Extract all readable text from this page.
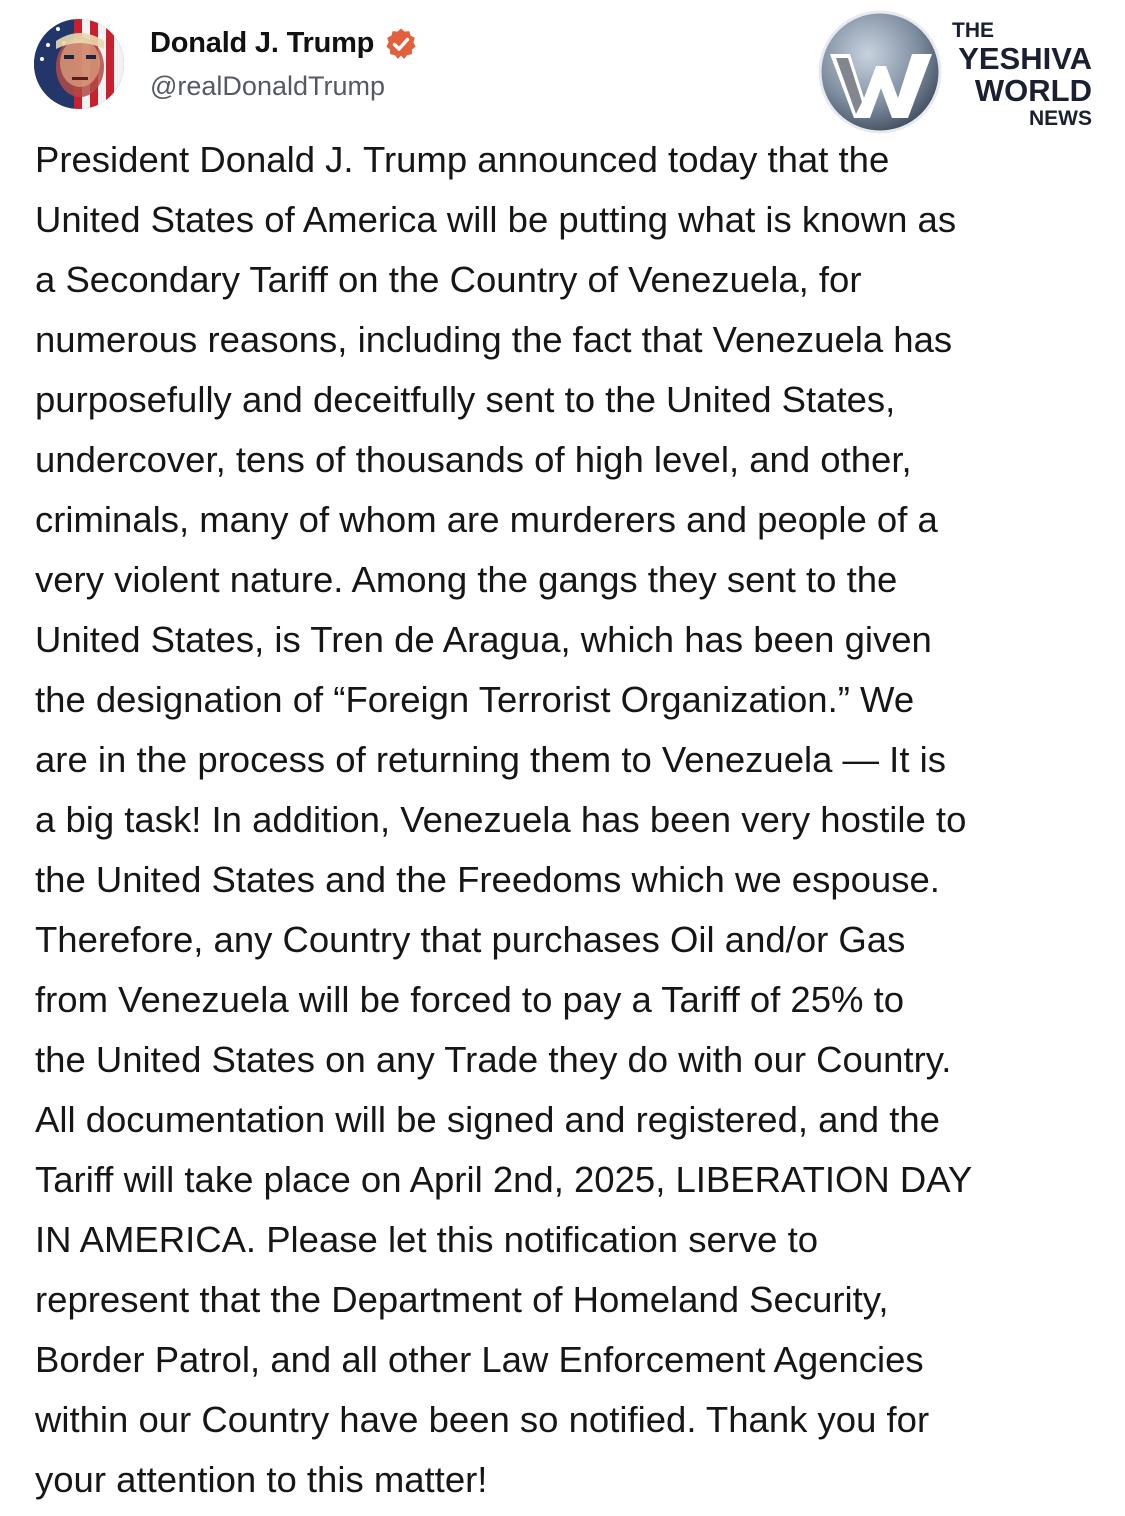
Donald J. Trump
@realDonaldTrump
THE
YESHIVA
WORLD
NEWS
President Donald J. Trump announced today that the
United States of America will be putting what is known as
a Secondary Tariff on the Country of Venezuela, for
numerous reasons, including the fact that Venezuela has
purposefully and deceitfully sent to the United States,
undercover, tens of thousands of high level, and other,
criminals, many of whom are murderers and people of a
very violent nature. Among the gangs they sent to the
United States, is Tren de Aragua, which has been given
the designation of “Foreign Terrorist Organization.” We
are in the process of returning them to Venezuela — It is
a big task! In addition, Venezuela has been very hostile to
the United States and the Freedoms which we espouse.
Therefore, any Country that purchases Oil and/or Gas
from Venezuela will be forced to pay a Tariff of 25% to
the United States on any Trade they do with our Country.
All documentation will be signed and registered, and the
Tariff will take place on April 2nd, 2025, LIBERATION DAY
IN AMERICA. Please let this notification serve to
represent that the Department of Homeland Security,
Border Patrol, and all other Law Enforcement Agencies
within our Country have been so notified. Thank you for
your attention to this matter!
